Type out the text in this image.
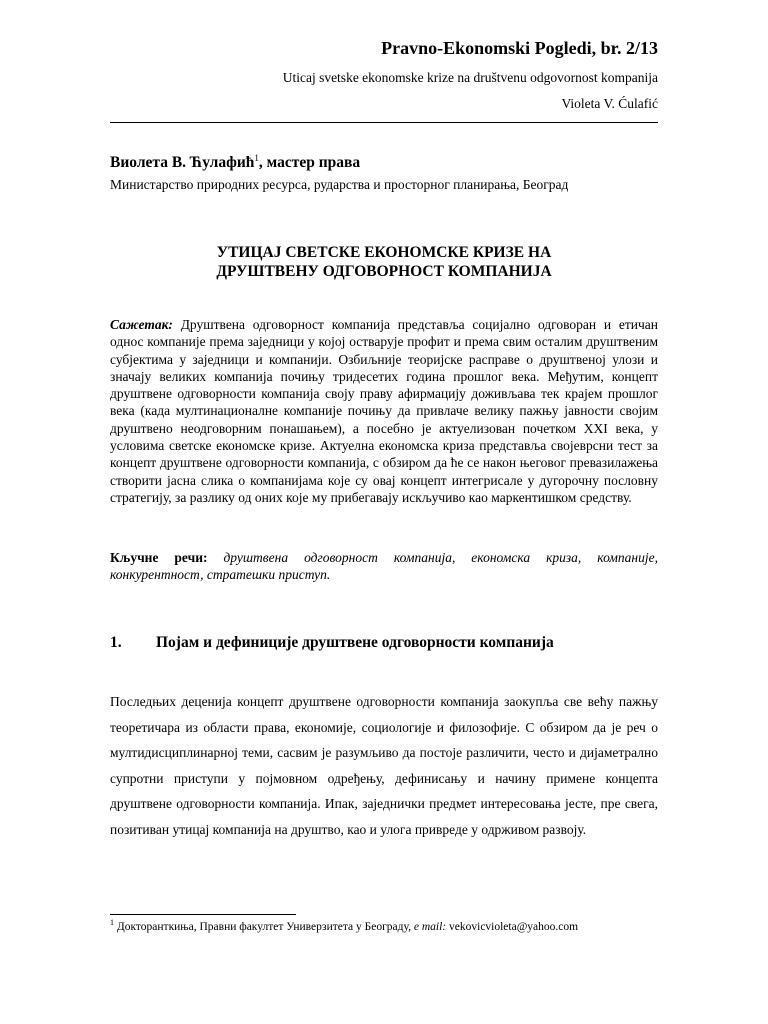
Pravno-Ekonomski Pogledi, br. 2/13
Uticaj svetske ekonomske krize na društvenu odgovornost kompanija
Violeta V. Ćulafić
Виолета В. Ћулафић$^1$, мастер права
Министарство природних ресурса, рударства и просторног планирања, Београд
УТИЦАЈ СВЕТСКЕ ЕКОНОМСКЕ КРИЗЕ НА
ДРУШТВЕНУ ОДГОВОРНОСТ КОМПАНИЈА
Сажетак: Друштвена одговорност компанија представља социјално одговоран и етичан однос компаније према заједници у којој остварује профит и према свим осталим друштвеним субјектима у заједници и компанији. Озбиљније теоријске расправе о друштвеној улози и значају великих компанија почињу тридесетих година прошлог века. Међутим, концепт друштвене одговорности компанија своју праву афирмацију доживљава тек крајем прошлог века (када мултинационалне компаније почињу да привлаче велику пажњу јавности својим друштвено неодговорним понашањем), а посебно је актуелизован почетком XXI века, у условима светске економске кризе. Актуелна економска криза представља својеврсни тест за концепт друштвене одговорности компанија, с обзиром да ће се након његовог превазилажења створити јасна слика о компанијама које су овај концепт интегрисале у дугорочну пословну стратегију, за разлику од оних које му прибегавају искључиво као маркентишком средству.
Кључне речи: друштвена одговорност компанија, економска криза, компаније, конкурентност, стратешки приступ.
1. Појам и дефиниције друштвене одговорности компанија
Последњих деценија концепт друштвене одговорности компанија заокупља све већу пажњу теоретичара из области права, економије, социологије и филозофије. С обзиром да је реч о мултидисциплинарној теми, сасвим је разумљиво да постоје различити, често и дијаметрално супротни приступи у појмовном одређењу, дефинисању и начину примене концепта друштвене одговорности компанија. Ипак, заједнички предмет интересовања јесте, пре свега, позитиван утицај компанија на друштво, као и улога привреде у одрживом развоју.
$^1$ Докторанткиња, Правни факултет Универзитета у Београду, e mail: vekovicvioleta@yahoo.com
